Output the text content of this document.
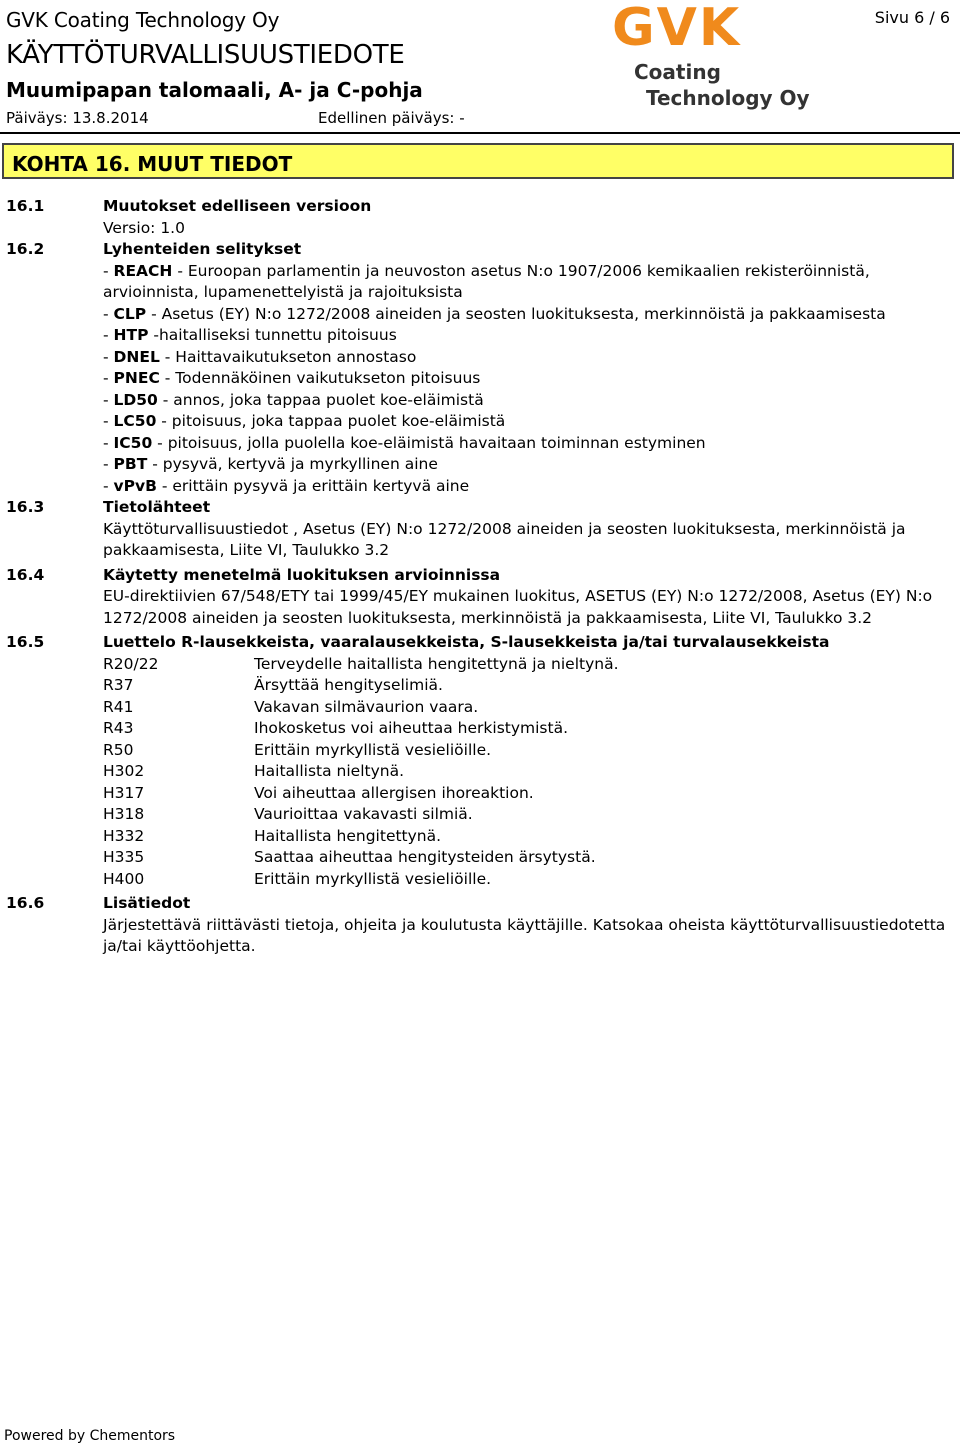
GVK Coating Technology Oy
KÄYTTÖTURVALLISUUSTIEDOTE
Muumipapan talomaali, A- ja C-pohja
Päiväys: 13.8.2014	Edellinen päiväys: -
Sivu 6 / 6
GVK
Coating
Technology Oy
KOHTA 16. MUUT TIEDOT
16.1	Muutokset edelliseen versioon
Versio: 1.0
16.2	Lyhenteiden selitykset
- REACH - Euroopan parlamentin ja neuvoston asetus N:o 1907/2006 kemikaalien rekisteröinnistä, arvioinnista, lupamenettelyistä ja rajoituksista
- CLP - Asetus (EY) N:o 1272/2008 aineiden ja seosten luokituksesta, merkinnöistä ja pakkaamisesta
- HTP -haitalliseksi tunnettu pitoisuus
- DNEL - Haittavaikutukseton annostaso
- PNEC - Todennäköinen vaikutukseton pitoisuus
- LD50 - annos, joka tappaa puolet koe-eläimistä
- LC50 - pitoisuus, joka tappaa puolet koe-eläimistä
- IC50 - pitoisuus, jolla puolella koe-eläimistä havaitaan toiminnan estyminen
- PBT - pysyvä, kertyvä ja myrkyllinen aine
- vPvB - erittäin pysyvä ja erittäin kertyvä aine
16.3	Tietolähteet
Käyttöturvallisuustiedot , Asetus (EY) N:o 1272/2008 aineiden ja seosten luokituksesta, merkinnöistä ja pakkaamisesta, Liite VI, Taulukko 3.2
16.4	Käytetty menetelmä luokituksen arvioinnissa
EU-direktiivien 67/548/ETY tai 1999/45/EY mukainen luokitus, ASETUS (EY) N:o 1272/2008, Asetus (EY) N:o 1272/2008 aineiden ja seosten luokituksesta, merkinnöistä ja pakkaamisesta, Liite VI, Taulukko 3.2
16.5	Luettelo R-lausekkeista, vaaralausekkeista, S-lausekkeista ja/tai turvalausekkeista
R20/22	Terveydelle haitallista hengitettynä ja nieltynä.
R37	Ärsyttää hengityselimiä.
R41	Vakavan silmävaurion vaara.
R43	Ihokosketus voi aiheuttaa herkistymistä.
R50	Erittäin myrkyllistä vesieliöille.
H302	Haitallista nieltynä.
H317	Voi aiheuttaa allergisen ihoreaktion.
H318	Vaurioittaa vakavasti silmiä.
H332	Haitallista hengitettynä.
H335	Saattaa aiheuttaa hengitysteiden ärsytystä.
H400	Erittäin myrkyllistä vesieliöille.
16.6	Lisätiedot
Järjestettävä riittävästi tietoja, ohjeita ja koulutusta käyttäjille. Katsokaa oheista käyttöturvallisuustiedotetta ja/tai käyttöohjetta.
Powered by Chementors
